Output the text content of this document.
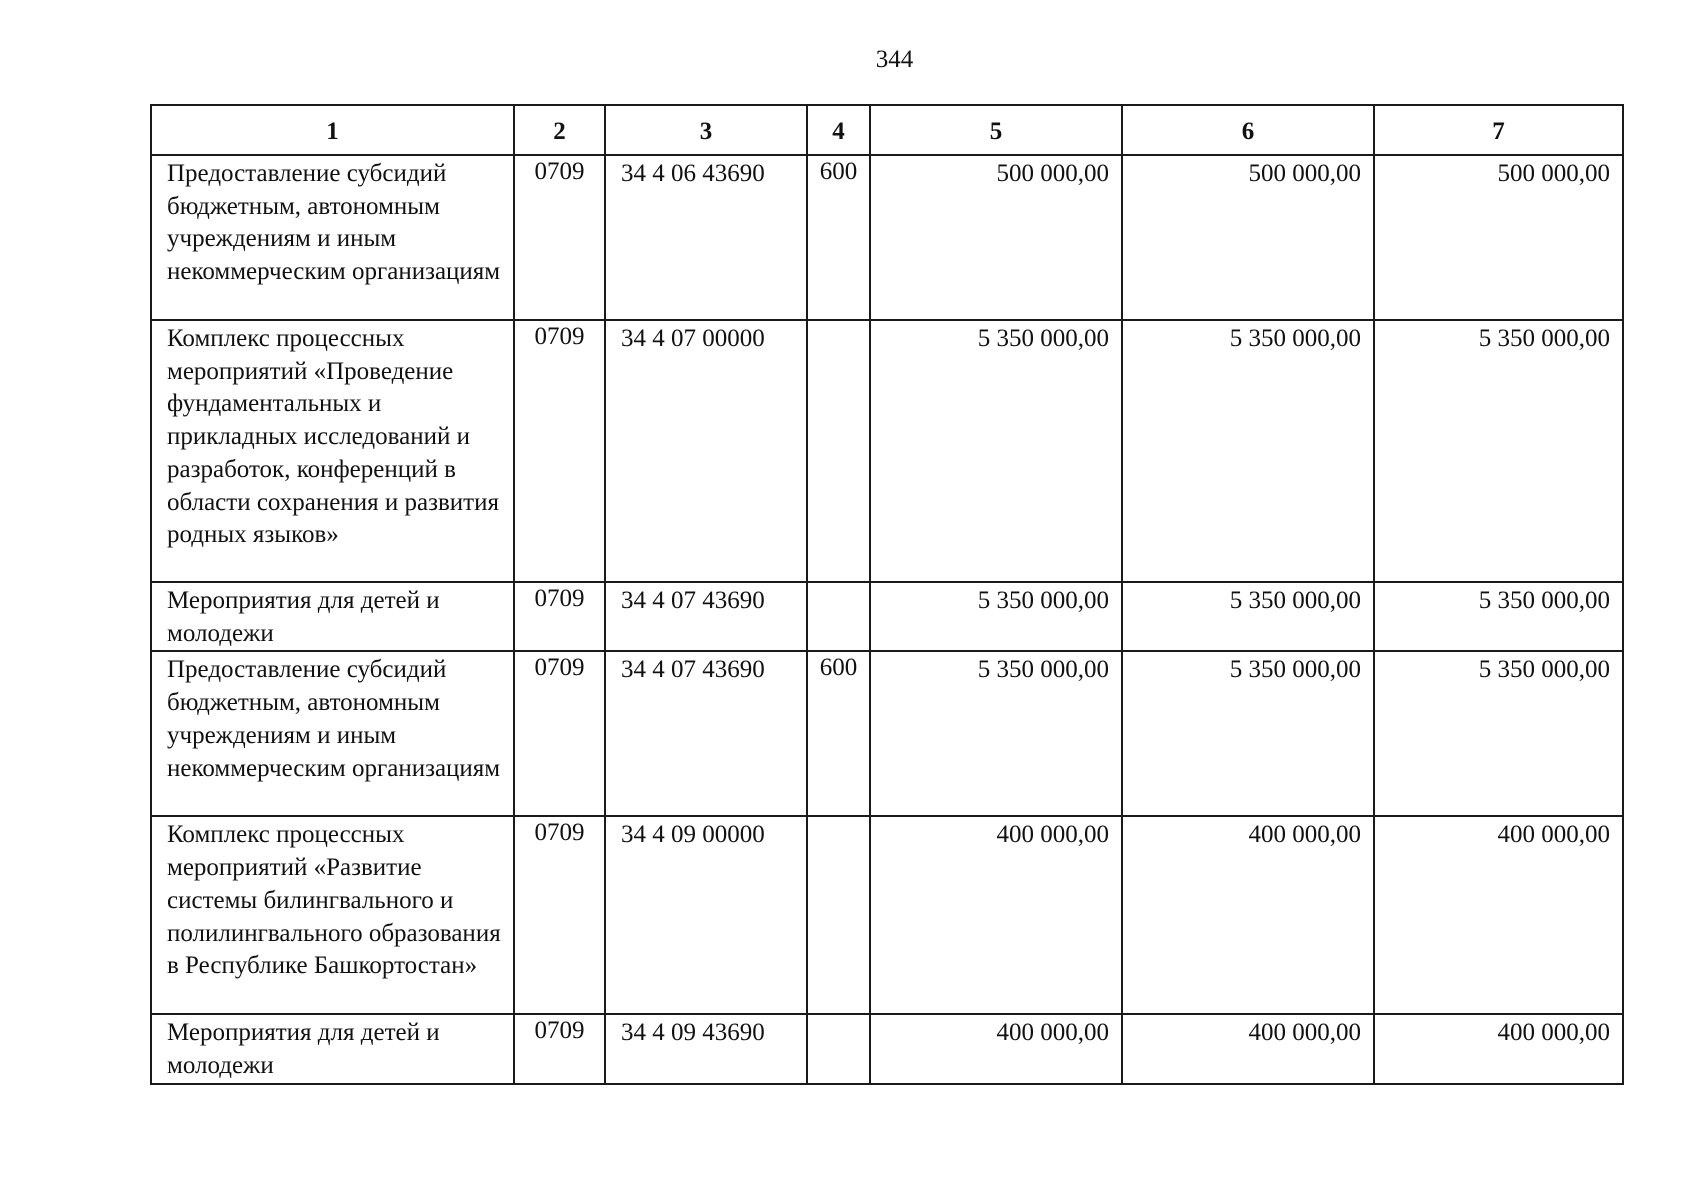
344
1	2	3	4	5	6	7
Предоставление субсидий бюджетным, автономным учреждениям и иным некоммерческим организациям	0709	34 4 06 43690	600	500 000,00	500 000,00	500 000,00
Комплекс процессных мероприятий «Проведение фундаментальных и прикладных исследований и разработок, конференций в области сохранения и развития родных языков»	0709	34 4 07 00000		5 350 000,00	5 350 000,00	5 350 000,00
Мероприятия для детей и молодежи	0709	34 4 07 43690		5 350 000,00	5 350 000,00	5 350 000,00
Предоставление субсидий бюджетным, автономным учреждениям и иным некоммерческим организациям	0709	34 4 07 43690	600	5 350 000,00	5 350 000,00	5 350 000,00
Комплекс процессных мероприятий «Развитие системы билингвального и полилингвального образования в Республике Башкортостан»	0709	34 4 09 00000		400 000,00	400 000,00	400 000,00
Мероприятия для детей и молодежи	0709	34 4 09 43690		400 000,00	400 000,00	400 000,00
